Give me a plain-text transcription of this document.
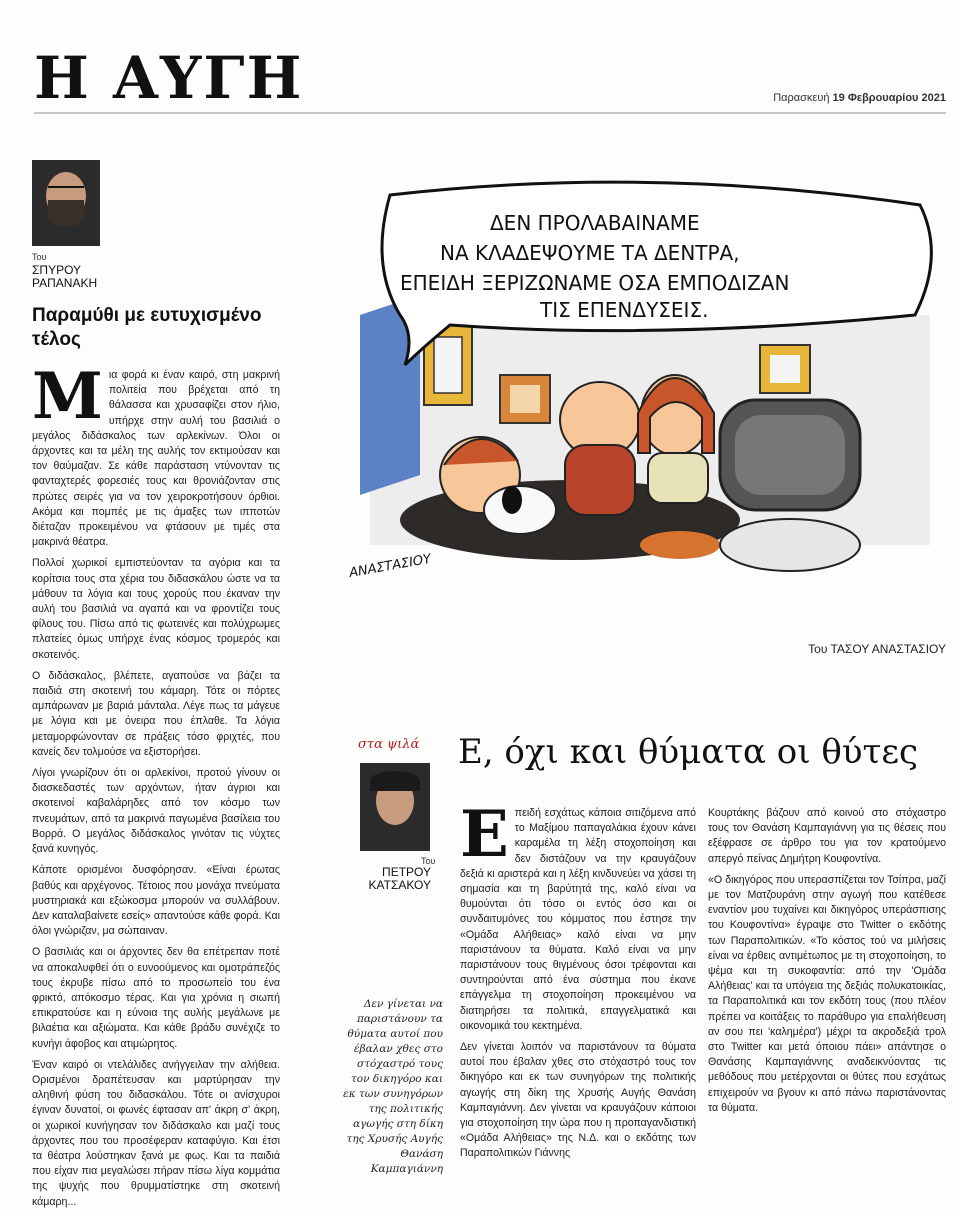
Η ΑΥΓΗ	Παρασκευή 19 Φεβρουαρίου 2021
Του
ΣΠΥΡΟΥ
ΡΑΠΑΝΑΚΗ
Παραμύθι με ευτυχισμένο τέλος

Μια φορά κι έναν καιρό, στη μακρινή πολιτεία που βρέχεται από τη θάλασσα και χρυσαφίζει στον ήλιο, υπήρχε στην αυλή του βασιλιά ο μεγάλος διδάσκαλος των αρλεκίνων. Όλοι οι άρχοντες και τα μέλη της αυλής τον εκτιμούσαν και τον θαύμαζαν. Σε κάθε παράσταση ντύνονταν τις φανταχτερές φορεσιές τους και θρονιάζονταν στις πρώτες σειρές για να τον χειροκροτήσουν όρθιοι. Ακόμα και πομπές με τις άμαξες των ιπποτών διέταζαν προκειμένου να φτάσουν με τιμές στα μακρινά θέατρα.

Πολλοί χωρικοί εμπιστεύονταν τα αγόρια και τα κορίτσια τους στα χέρια του διδασκάλου ώστε να τα μάθουν τα λόγια και τους χορούς που έκαναν την αυλή του βασιλιά να αγαπά και να φροντίζει τους φίλους του. Πίσω από τις φωτεινές και πολύχρωμες πλατείες όμως υπήρχε ένας κόσμος τρομερός και σκοτεινός.

Ο διδάσκαλος, βλέπετε, αγαπούσε να βάζει τα παιδιά στη σκοτεινή του κάμαρη. Τότε οι πόρτες αμπάρωναν με βαριά μάνταλα. Λέγε πως τα μάγευε με λόγια και με όνειρα που έπλαθε. Τα λόγια μεταμορφώνονταν σε πράξεις τόσο φριχτές, που κανείς δεν τολμούσε να εξιστορήσει.

Λίγοι γνωρίζουν ότι οι αρλεκίνοι, προτού γίνουν οι διασκεδαστές των αρχόντων, ήταν άγριοι και σκοτεινοί καβαλάρηδες από τον κόσμο των πνευμάτων, από τα μακρινά παγωμένα βασίλεια του Βορρά. Ο μεγάλος διδάσκαλος γινόταν τις νύχτες ξανά κυνηγός.

Κάποτε ορισμένοι δυσφόρησαν. «Είναι έρωτας βαθύς και αρχέγονος. Τέτοιος που μονάχα πνεύματα μυστηριακά και εξώκοσμα μπορούν να συλλάβουν. Δεν καταλαβαίνετε εσείς» απαντούσε κάθε φορά. Και όλοι γνώριζαν, μα σώπαιναν.

Ο βασιλιάς και οι άρχοντες δεν θα επέτρεπαν ποτέ να αποκαλυφθεί ότι ο ευνοούμενος και ομοτράπεζός τους έκρυβε πίσω από το προσωπείο του ένα φρικτό, απόκοσμο τέρας. Και για χρόνια η σιωπή επικρατούσε και η εύνοια της αυλής μεγάλωνε με βιλαέτια και αξιώματα. Και κάθε βράδυ συνέχιζε το κυνήγι άφοβος και ατιμώρητος.

Έναν καιρό οι ντελάλιδες ανήγγειλαν την αλήθεια. Ορισμένοι δραπέτευσαν και μαρτύρησαν την αληθινή φύση του διδασκάλου. Τότε οι ανίσχυροι έγιναν δυνατοί, οι φωνές έφτασαν απ' άκρη σ' άκρη, οι χωρικοί κυνήγησαν τον διδάσκαλο και μαζί τους άρχοντες που του προσέφεραν καταφύγιο. Και έτσι τα θέατρα λούστηκαν ξανά με φως. Και τα παιδιά που είχαν πια μεγαλώσει πήραν πίσω λίγα κομμάτια της ψυχής που θρυμματίστηκε στη σκοτεινή κάμαρη...

ΔΕΝ ΠΡΟΛΑΒΑΙΝΑΜΕ
ΝΑ ΚΛΑΔΕΨΟΥΜΕ ΤΑ ΔΕΝΤΡΑ,
ΕΠΕΙΔΗ ΞΕΡΙΖΩΝΑΜΕ ΟΣΑ ΕΜΠΟΔΙΖΑΝ
ΤΙΣ ΕΠΕΝΔΥΣΕΙΣ.
ΑΝΑΣΤΑΣΙΟΥ
Του ΤΑΣΟΥ ΑΝΑΣΤΑΣΙΟΥ
στα ψιλά Ε, όχι και θύματα οι θύτες
Του
ΠΕΤΡΟΥ
ΚΑΤΣΑΚΟΥ
Δεν γίνεται να παριστάνουν τα θύματα αυτοί που έβαλαν χθες στο στόχαστρό τους τον δικηγόρο και εκ των συνηγόρων της πολιτικής αγωγής στη δίκη της Χρυσής Αυγής Θανάση Καμπαγιάννη

Επειδή εσχάτως κάποια σιτιζόμενα από το Μαξίμου παπαγαλάκια έχουν κάνει καραμέλα τη λέξη στοχοποίηση και δεν διστάζουν να την κραυγάζουν δεξιά κι αριστερά και η λέξη κινδυνεύει να χάσει τη σημασία και τη βαρύτητά της, καλό είναι να θυμούνται ότι τόσο οι εντός όσο και οι συνδαιτυμόνες του κόμματος που έστησε την «Ομάδα Αλήθειας» καλό είναι να μην παριστάνουν τα θύματα. Καλό είναι να μην παριστάνουν τους θιγμένους όσοι τρέφονται και συντηρούνται από ένα σύστημα που έκανε επάγγελμα τη στοχοποίηση προκειμένου να διατηρήσει τα πολιτικά, επαγγελματικά και οικονομικά του κεκτημένα.

Δεν γίνεται λοιπόν να παριστάνουν τα θύματα αυτοί που έβαλαν χθες στο στόχαστρό τους τον δικηγόρο και εκ των συνηγόρων της πολιτικής αγωγής στη δίκη της Χρυσής Αυγής Θανάση Καμπαγιάννη. Δεν γίνεται να κραυγάζουν κάποιοι για στοχοποίηση την ώρα που η προπαγανδιστική «Ομάδα Αλήθειας» της Ν.Δ. και ο εκδότης των Παραπολιτικών Γιάννης

Κουρτάκης βάζουν από κοινού στο στόχαστρο τους τον Θανάση Καμπαγιάννη για τις θέσεις που εξέφρασε σε άρθρο του για τον κρατούμενο απεργό πείνας Δημήτρη Κουφοντίνα.

«Ο δικηγόρος που υπερασπίζεται τον Τσίπρα, μαζί με τον Ματζουράνη στην αγωγή που κατέθεσε εναντίον μου τυχαίνει και δικηγόρος υπεράσπισης του Κουφοντίνα» έγραψε στο Twitter ο εκδότης των Παραπολιτικών. «Το κόστος τού να μιλήσεις είναι να έρθεις αντιμέτωπος με τη στοχοποίηση, το ψέμα και τη συκοφαντία: από την 'Ομάδα Αλήθειας' και τα υπόγεια της δεξιάς πολυκατοικίας, τα Παραπολιτικά και τον εκδότη τους (που πλέον πρέπει να κοιτάξεις το παράθυρο για επαλήθευση αν σου πει 'καλημέρα') μέχρι τα ακροδεξιά τρολ στο Twitter και μετά όποιου πάει» απάντησε ο Θανάσης Καμπαγιάννης αναδεικνύοντας τις μεθόδους που μετέρχονται οι θύτες που εσχάτως επιχειρούν να βγουν κι από πάνω παριστάνοντας τα θύματα.
